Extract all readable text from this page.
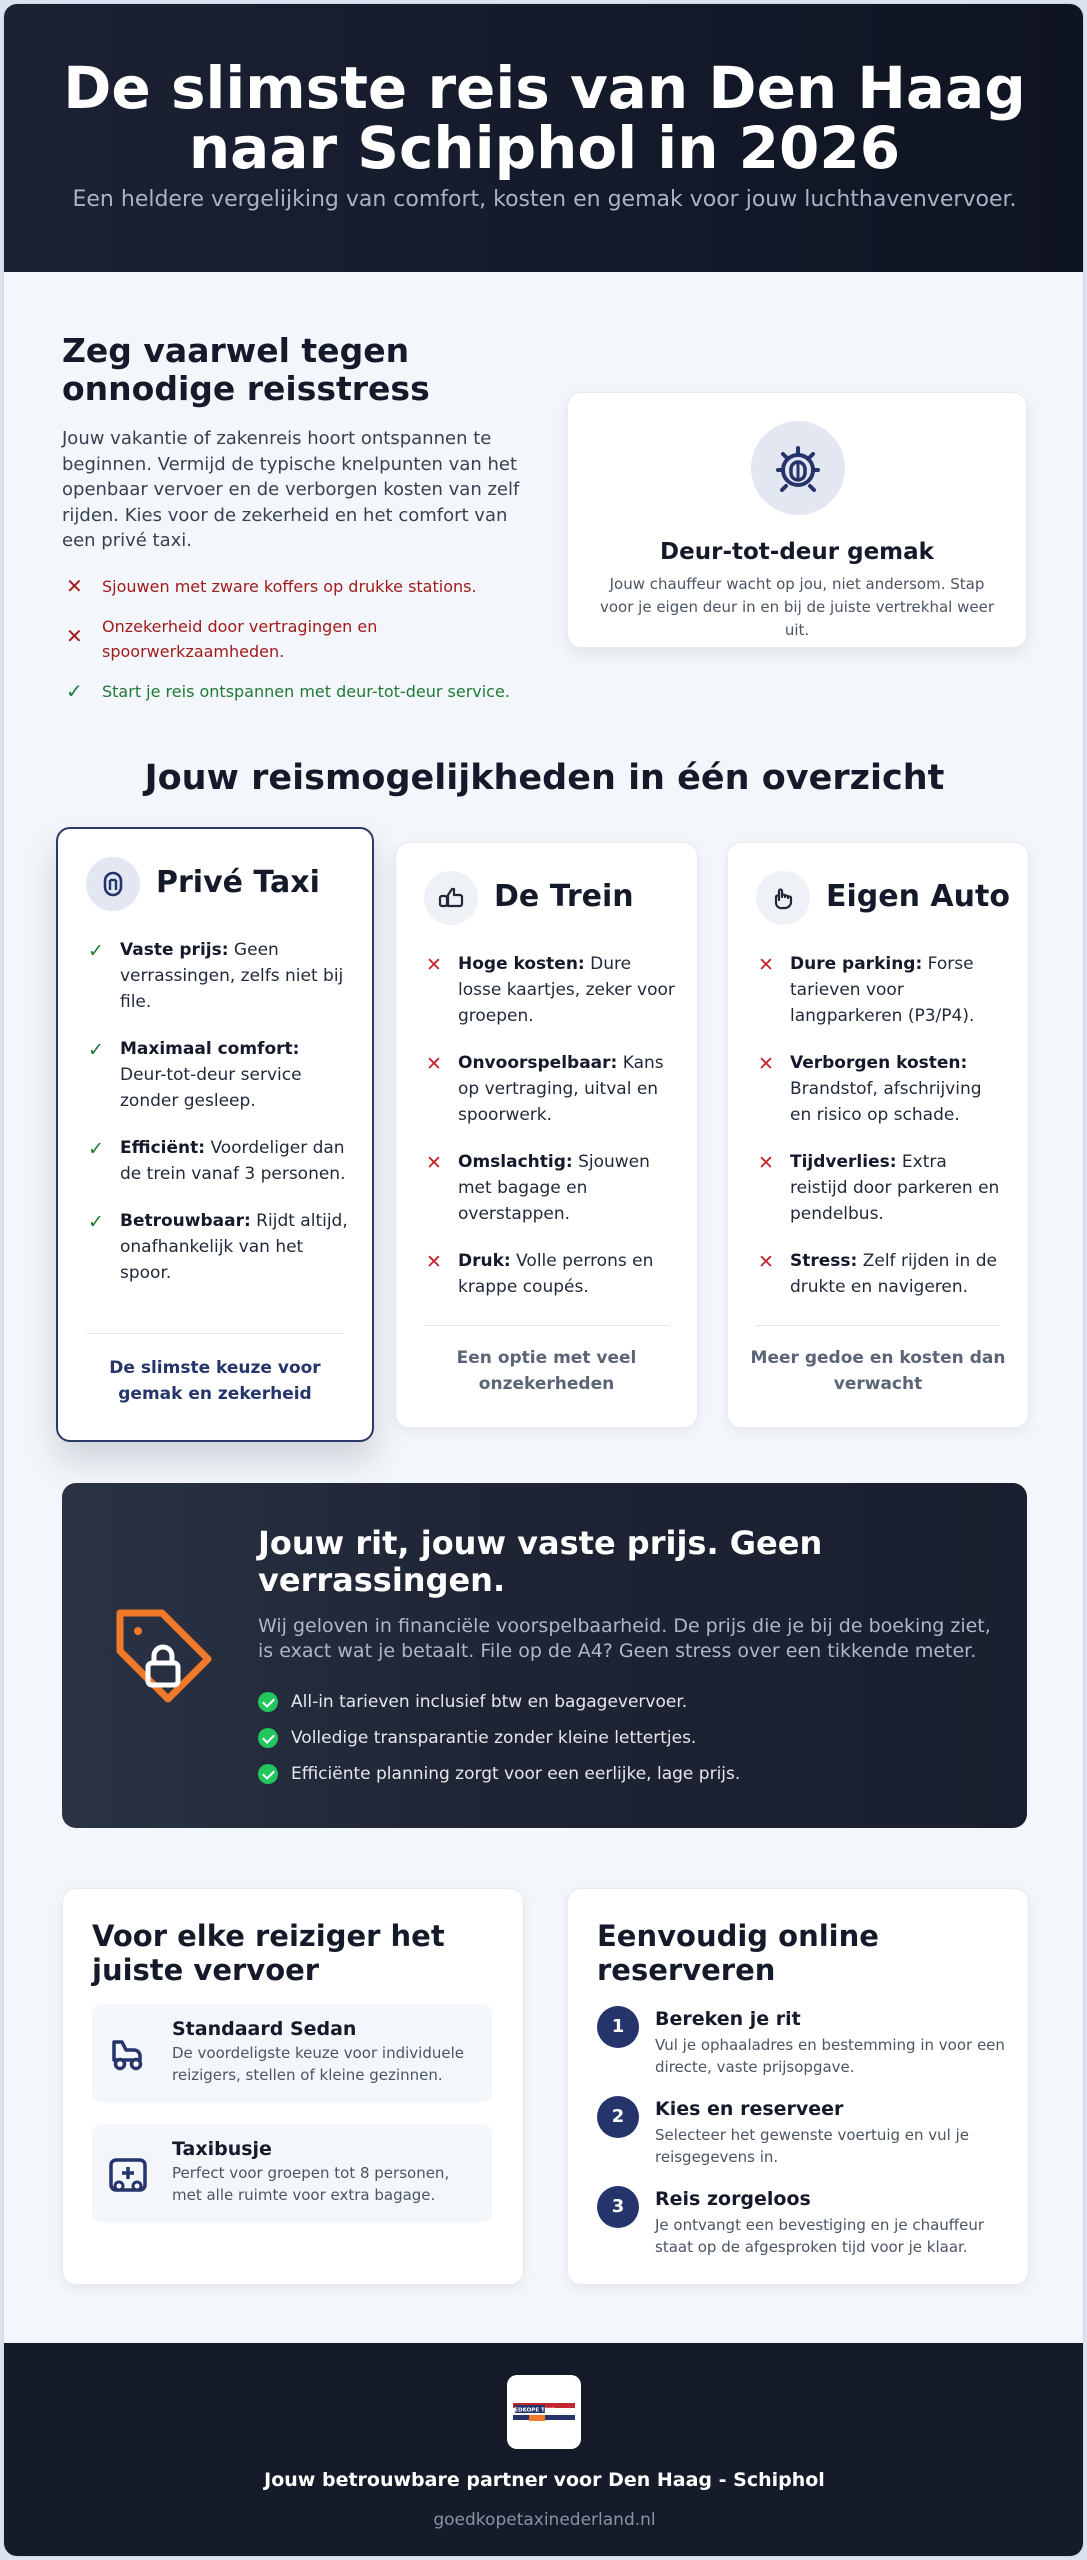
De slimste reis van Den Haag naar Schiphol in 2026

Een heldere vergelijking van comfort, kosten en gemak voor jouw luchthavenvervoer.

Zeg vaarwel tegen onnodige reisstress

Jouw vakantie of zakenreis hoort ontspannen te beginnen. Vermijd de typische knelpunten van het openbaar vervoer en de verborgen kosten van zelf rijden. Kies voor de zekerheid en het comfort van een privé taxi.

✕ Sjouwen met zware koffers op drukke stations.
✕ Onzekerheid door vertragingen en spoorwerkzaamheden.
✓ Start je reis ontspannen met deur-tot-deur service.
Deur-tot-deur gemak

Jouw chauffeur wacht op jou, niet andersom. Stap voor je eigen deur in en bij de juiste vertrekhal weer uit.

Jouw reismogelijkheden in één overzicht
Privé Taxi
✓ Vaste prijs: Geen verrassingen, zelfs niet bij file.
✓ Maximaal comfort: Deur-tot-deur service zonder gesleep.
✓ Efficiënt: Voordeliger dan de trein vanaf 3 personen.
✓ Betrouwbaar: Rijdt altijd, onafhankelijk van het spoor.
De slimste keuze voor gemak en zekerheid
De Trein
✕ Hoge kosten: Dure losse kaartjes, zeker voor groepen.
✕ Onvoorspelbaar: Kans op vertraging, uitval en spoorwerk.
✕ Omslachtig: Sjouwen met bagage en overstappen.
✕ Druk: Volle perrons en krappe coupés.
Een optie met veel onzekerheden
Eigen Auto
✕ Dure parking: Forse tarieven voor langparkeren (P3/P4).
✕ Verborgen kosten: Brandstof, afschrijving en risico op schade.
✕ Tijdverlies: Extra reistijd door parkeren en pendelbus.
✕ Stress: Zelf rijden in de drukte en navigeren.
Meer gedoe en kosten dan verwacht
Jouw rit, jouw vaste prijs. Geen verrassingen.

Wij geloven in financiële voorspelbaarheid. De prijs die je bij de boeking ziet, is exact wat je betaalt. File op de A4? Geen stress over een tikkende meter.

All-in tarieven inclusief btw en bagagevervoer.
Volledige transparantie zonder kleine lettertjes.
Efficiënte planning zorgt voor een eerlijke, lage prijs.
Voor elke reiziger het juiste vervoer
Standaard Sedan

De voordeligste keuze voor individuele reizigers, stellen of kleine gezinnen.

Taxibusje

Perfect voor groepen tot 8 personen, met alle ruimte voor extra bagage.

Eenvoudig online reserveren
1	Bereken je rit

Vul je ophaaladres en bestemming in voor een directe, vaste prijsopgave.

2	Kies en reserveer

Selecteer het gewenste voertuig en vul je reisgegevens in.

3	Reis zorgeloos

Je ontvangt een bevestiging en je chauffeur staat op de afgesproken tijd voor je klaar.

GOEDKOPE TAXI
Jouw betrouwbare partner voor Den Haag - Schiphol
goedkopetaxinederland.nl
